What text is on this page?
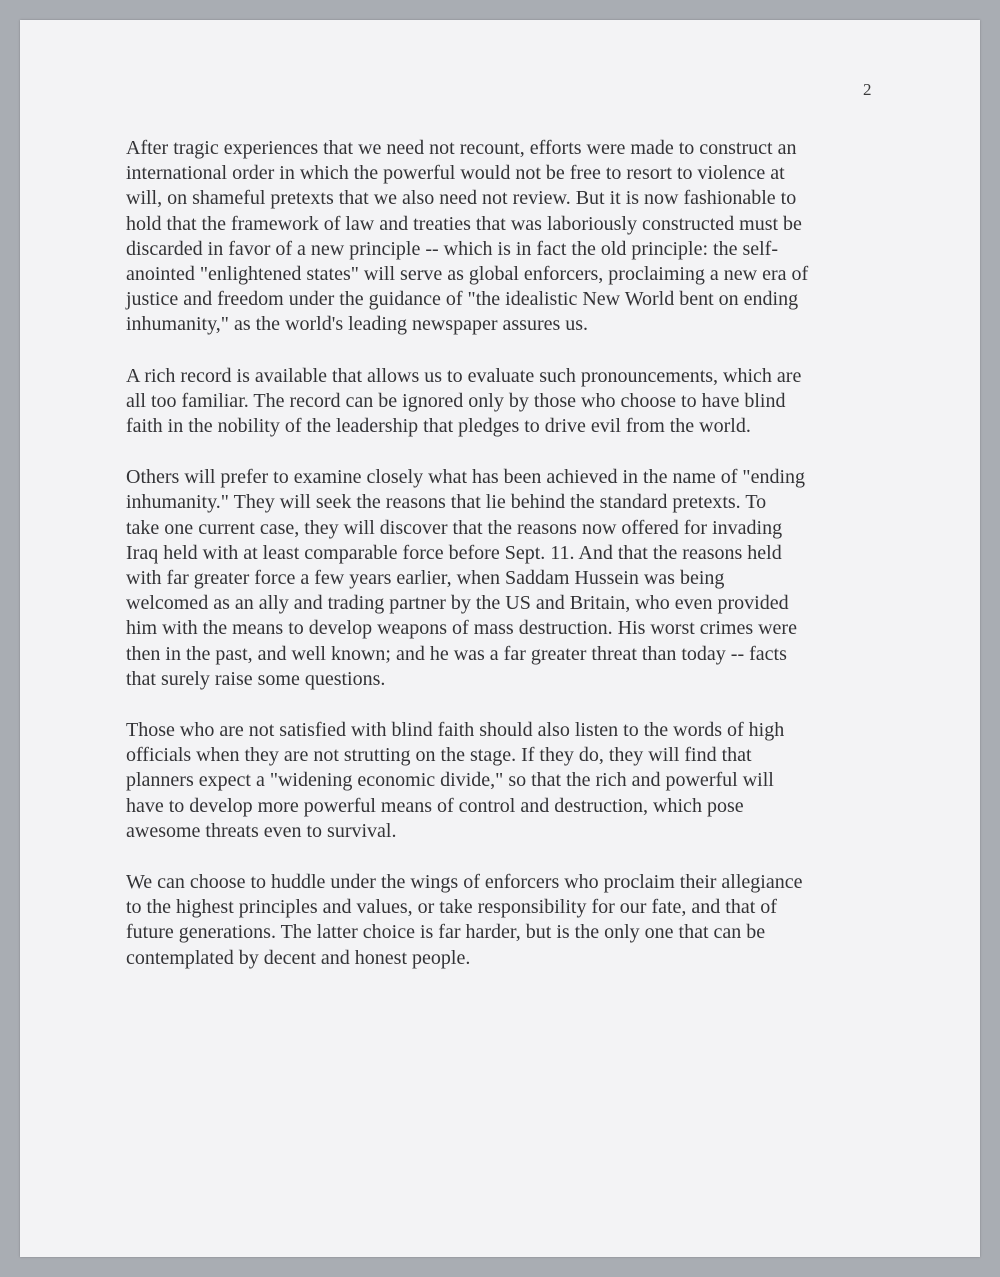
2

After tragic experiences that we need not recount, efforts were made to construct an
international order in which the powerful would not be free to resort to violence at
will, on shameful pretexts that we also need not review. But it is now fashionable to
hold that the framework of law and treaties that was laboriously constructed must be
discarded in favor of a new principle -- which is in fact the old principle: the self-
anointed "enlightened states" will serve as global enforcers, proclaiming a new era of
justice and freedom under the guidance of "the idealistic New World bent on ending
inhumanity," as the world's leading newspaper assures us.

A rich record is available that allows us to evaluate such pronouncements, which are
all too familiar. The record can be ignored only by those who choose to have blind
faith in the nobility of the leadership that pledges to drive evil from the world.

Others will prefer to examine closely what has been achieved in the name of "ending
inhumanity." They will seek the reasons that lie behind the standard pretexts. To
take one current case, they will discover that the reasons now offered for invading
Iraq held with at least comparable force before Sept. 11. And that the reasons held
with far greater force a few years earlier, when Saddam Hussein was being
welcomed as an ally and trading partner by the US and Britain, who even provided
him with the means to develop weapons of mass destruction. His worst crimes were
then in the past, and well known; and he was a far greater threat than today -- facts
that surely raise some questions.

Those who are not satisfied with blind faith should also listen to the words of high
officials when they are not strutting on the stage. If they do, they will find that
planners expect a "widening economic divide," so that the rich and powerful will
have to develop more powerful means of control and destruction, which pose
awesome threats even to survival.

We can choose to huddle under the wings of enforcers who proclaim their allegiance
to the highest principles and values, or take responsibility for our fate, and that of
future generations. The latter choice is far harder, but is the only one that can be
contemplated by decent and honest people.
